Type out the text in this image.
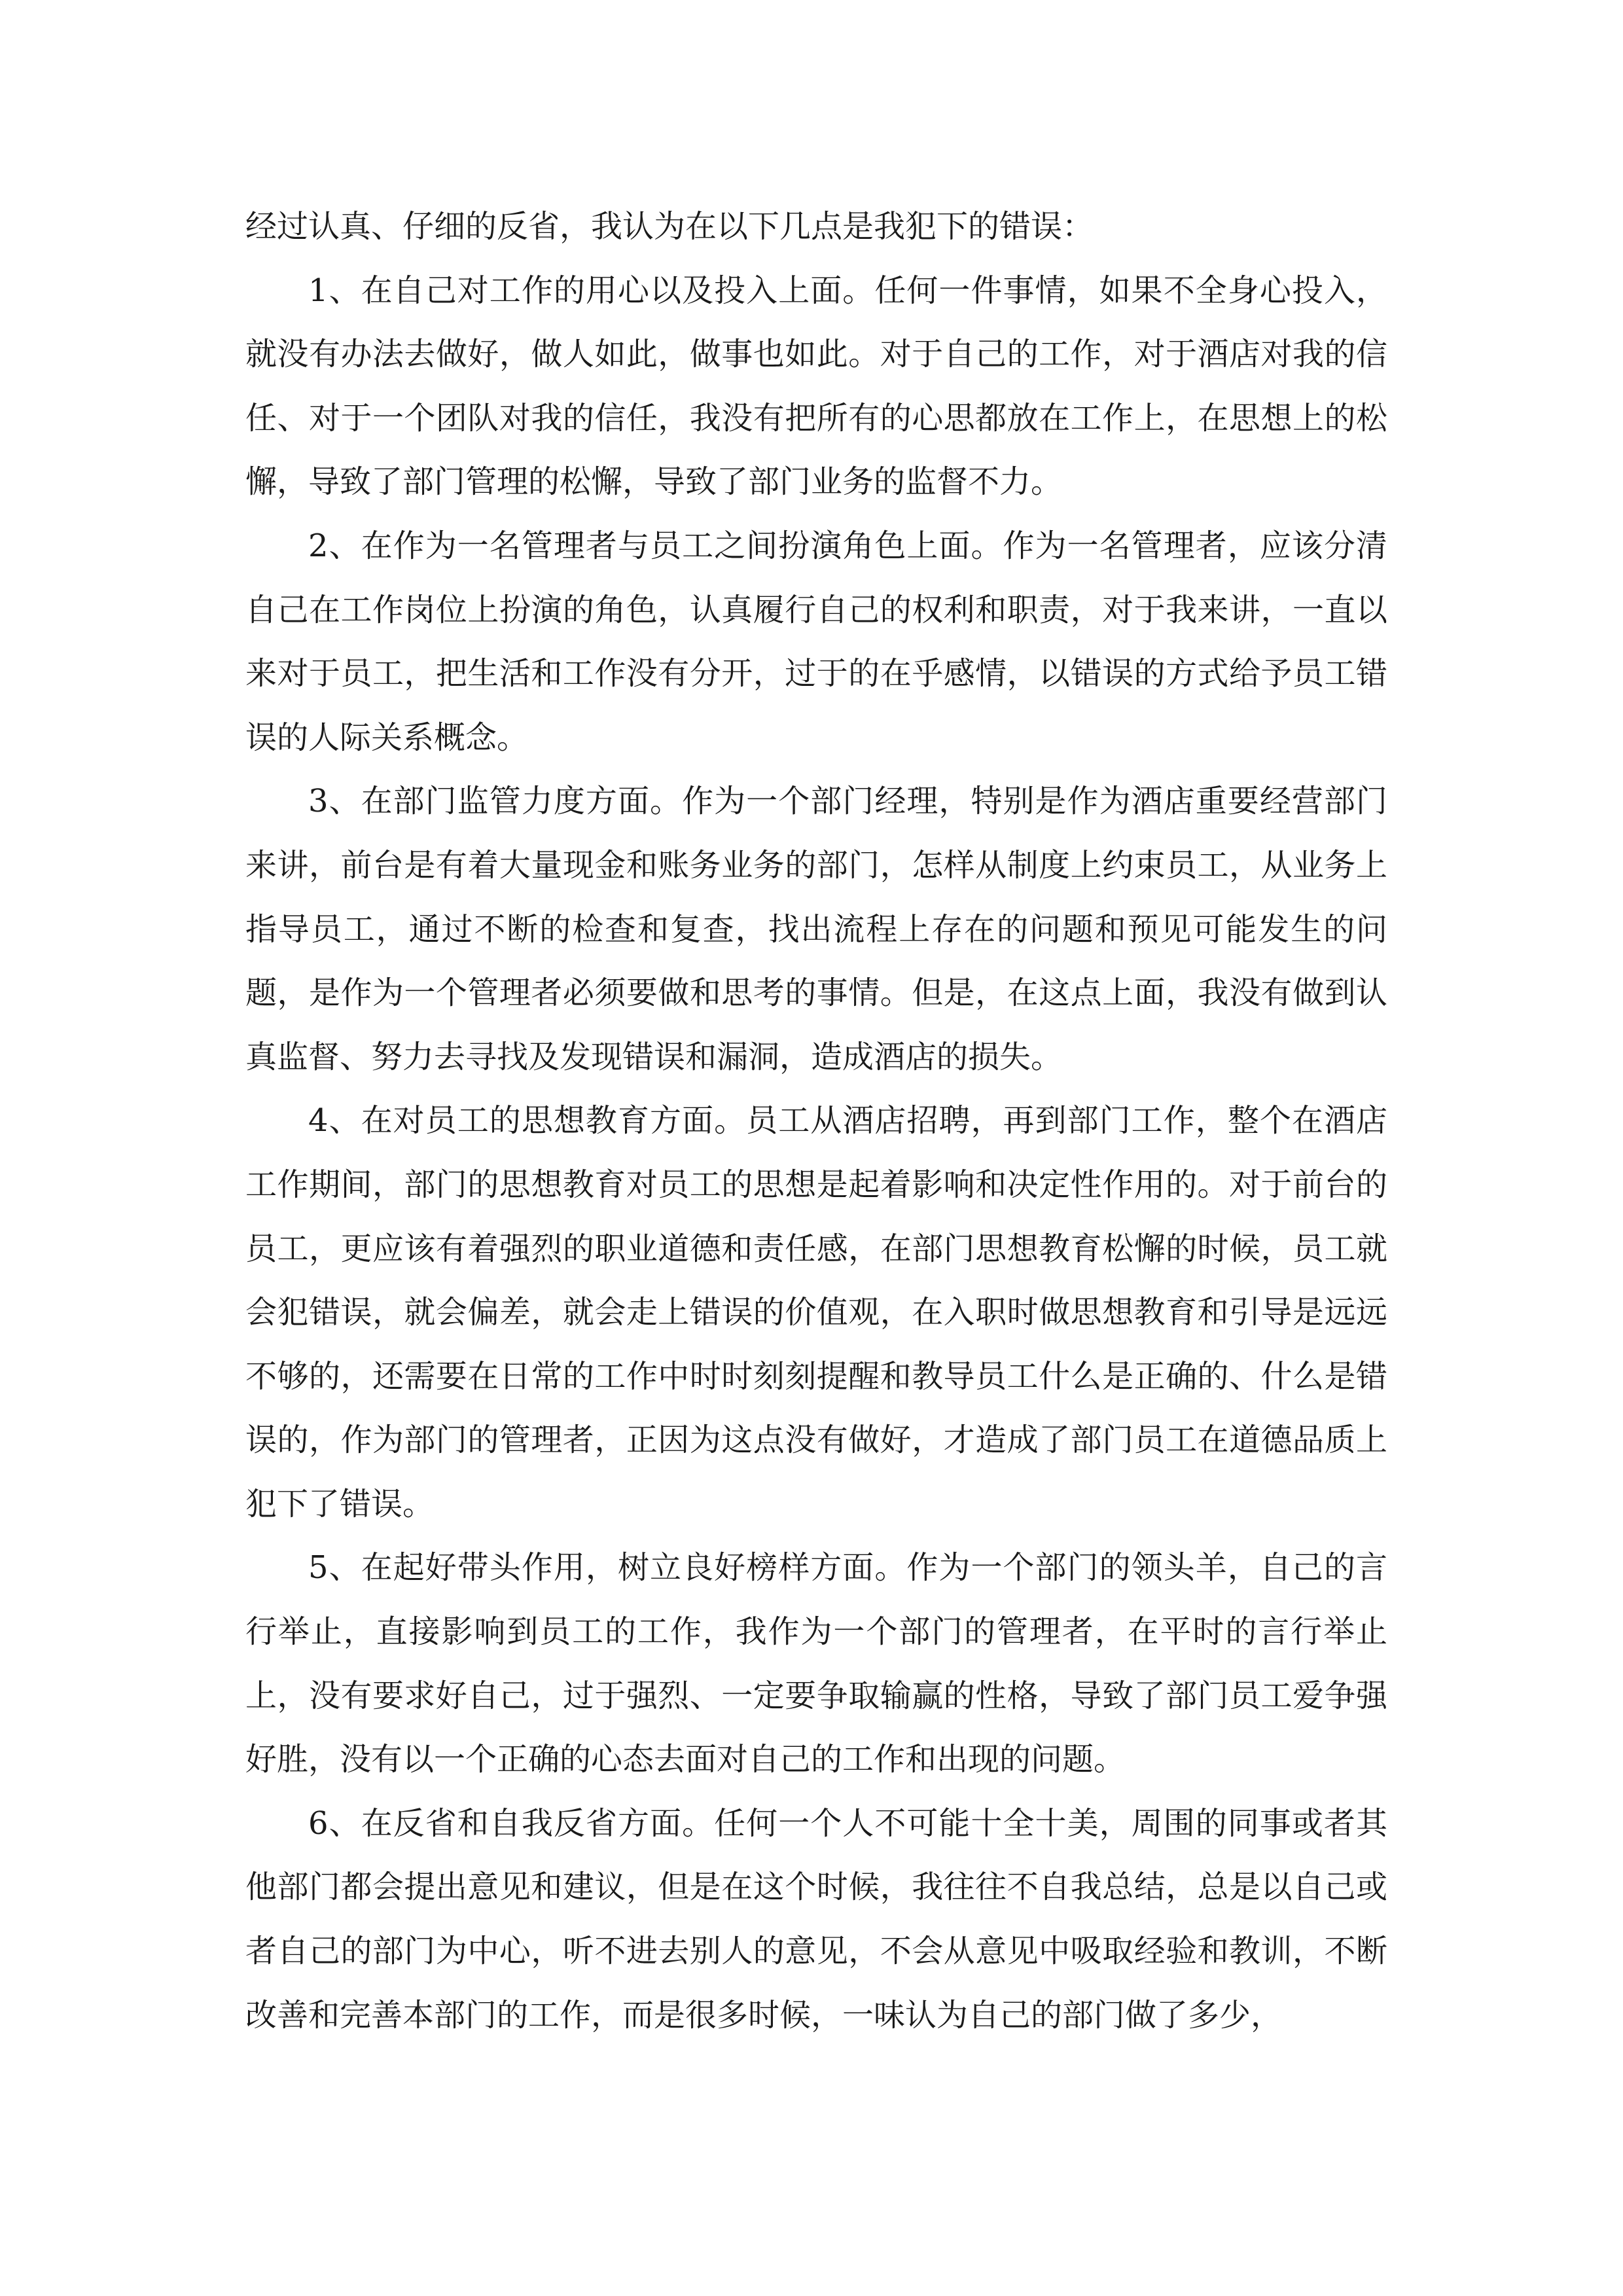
经过认真、仔细的反省，我认为在以下几点是我犯下的错误：

1、在自己对工作的用心以及投入上面。任何一件事情，如果不全身心投入，就没有办法去做好，做人如此，做事也如此。对于自己的工作，对于酒店对我的信任、对于一个团队对我的信任，我没有把所有的心思都放在工作上，在思想上的松懈，导致了部门管理的松懈，导致了部门业务的监督不力。

2、在作为一名管理者与员工之间扮演角色上面。作为一名管理者，应该分清自己在工作岗位上扮演的角色，认真履行自己的权利和职责，对于我来讲，一直以来对于员工，把生活和工作没有分开，过于的在乎感情，以错误的方式给予员工错误的人际关系概念。

3、在部门监管力度方面。作为一个部门经理，特别是作为酒店重要经营部门来讲，前台是有着大量现金和账务业务的部门，怎样从制度上约束员工，从业务上指导员工，通过不断的检查和复查，找出流程上存在的问题和预见可能发生的问题，是作为一个管理者必须要做和思考的事情。但是，在这点上面，我没有做到认真监督、努力去寻找及发现错误和漏洞，造成酒店的损失。

4、在对员工的思想教育方面。员工从酒店招聘，再到部门工作，整个在酒店工作期间，部门的思想教育对员工的思想是起着影响和决定性作用的。对于前台的员工，更应该有着强烈的职业道德和责任感，在部门思想教育松懈的时候，员工就会犯错误，就会偏差，就会走上错误的价值观，在入职时做思想教育和引导是远远不够的，还需要在日常的工作中时时刻刻提醒和教导员工什么是正确的、什么是错误的，作为部门的管理者，正因为这点没有做好，才造成了部门员工在道德品质上犯下了错误。

5、在起好带头作用，树立良好榜样方面。作为一个部门的领头羊，自己的言行举止，直接影响到员工的工作，我作为一个部门的管理者，在平时的言行举止上，没有要求好自己，过于强烈、一定要争取输赢的性格，导致了部门员工爱争强好胜，没有以一个正确的心态去面对自己的工作和出现的问题。

6、在反省和自我反省方面。任何一个人不可能十全十美，周围的同事或者其他部门都会提出意见和建议，但是在这个时候，我往往不自我总结，总是以自己或者自己的部门为中心，听不进去别人的意见，不会从意见中吸取经验和教训，不断改善和完善本部门的工作，而是很多时候，一味认为自己的部门做了多少，
